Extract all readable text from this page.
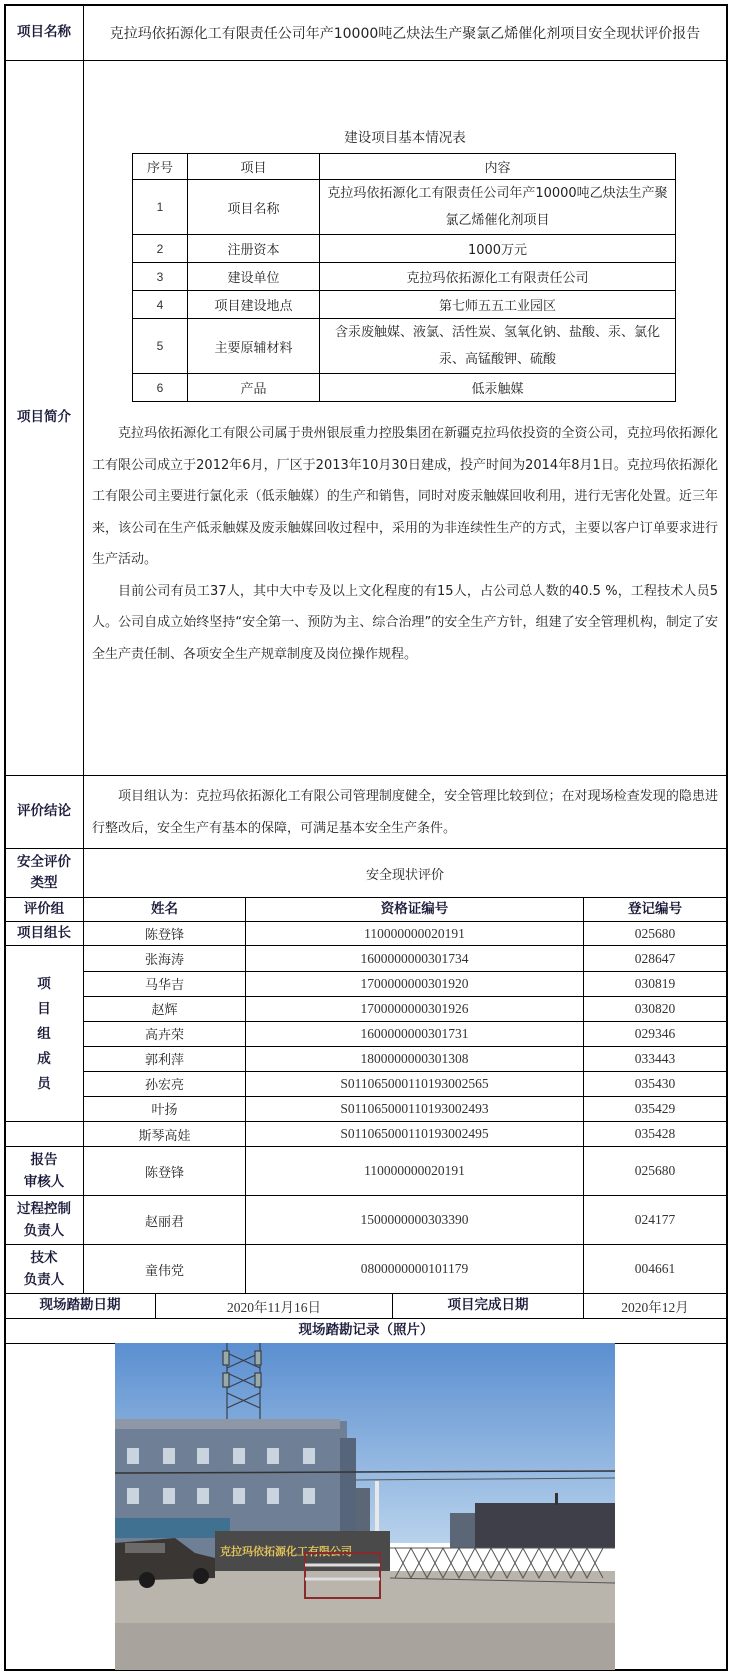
项目名称	克拉玛依拓源化工有限责任公司年产10000吨乙炔法生产聚氯乙烯催化剂项目安全现状评价报告
项目简介
建设项目基本情况表
序号	项目	内容
1	项目名称	克拉玛依拓源化工有限责任公司年产10000吨乙炔法生产聚氯乙烯催化剂项目
2	注册资本	1000万元
3	建设单位	克拉玛依拓源化工有限责任公司
4	项目建设地点	第七师五五工业园区
5	主要原辅材料	含汞废触媒、液氯、活性炭、氢氧化钠、盐酸、汞、氯化汞、高锰酸钾、硫酸
6	产品	低汞触媒

克拉玛依拓源化工有限公司属于贵州银辰重力控股集团在新疆克拉玛依投资的全资公司，克拉玛依拓源化工有限公司成立于2012年6月，厂区于2013年10月30日建成，投产时间为2014年8月1日。克拉玛依拓源化工有限公司主要进行氯化汞（低汞触媒）的生产和销售，同时对废汞触媒回收利用，进行无害化处置。近三年来，该公司在生产低汞触媒及废汞触媒回收过程中，采用的为非连续性生产的方式，主要以客户订单要求进行生产活动。

目前公司有员工37人，其中大中专及以上文化程度的有15人，占公司总人数的40.5 %，工程技术人员5人。公司自成立始终坚持“安全第一、预防为主、综合治理”的安全生产方针，组建了安全管理机构，制定了安全生产责任制、各项安全生产规章制度及岗位操作规程。

评价结论

项目组认为：克拉玛依拓源化工有限公司管理制度健全，安全管理比较到位；在对现场检查发现的隐患进行整改后，安全生产有基本的保障，可满足基本安全生产条件。

安全评价类型	安全现状评价
评价组	姓名	资格证编号	登记编号
项目组长	陈登锋	110000000020191	025680
项
目
组
成
员
张海涛	1600000000301734	028647
马华吉	1700000000301920	030819
赵辉	1700000000301926	030820
高卉荣	1600000000301731	029346
郭利萍	1800000000301308	033443
孙宏亮	S011065000110193002565	035430
叶扬	S011065000110193002493	035429
斯琴高娃	S011065000110193002495	035428
报告
审核人
陈登锋	110000000020191	025680
过程控制
负责人
赵丽君	1500000000303390	024177
技术
负责人
童伟党	0800000000101179	004661
现场踏勘日期	2020年11月16日	项目完成日期	2020年12月
现场踏勘记录（照片）
克拉玛依拓源化工有限公司
